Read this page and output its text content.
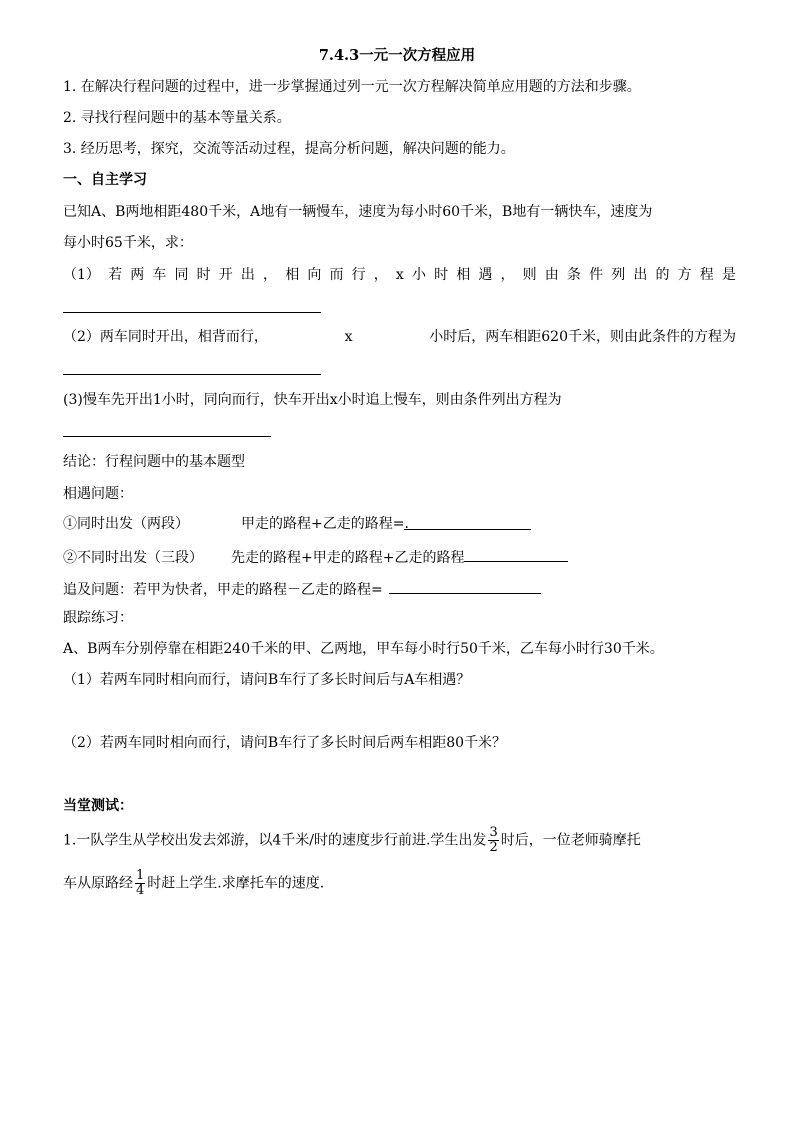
7.4.3一元一次方程应用
1. 在解决行程问题的过程中，进一步掌握通过列一元一次方程解决简单应用题的方法和步骤。
2. 寻找行程问题中的基本等量关系。
3. 经历思考，探究，交流等活动过程，提高分析问题，解决问题的能力。
一、自主学习
已知A、B两地相距480千米，A地有一辆慢车，速度为每小时60千米，B地有一辆快车，速度为
每小时65千米，求：
（1） 若 两 车 同 时 开 出 ， 相 向 而 行 ， x 小 时 相 遇 ， 则 由 条 件 列 出 的 方 程 是
（2）两车同时开出，相背而行，	x	小时后，两车相距620千米，则由此条件的方程为
(3)慢车先开出1小时，同向而行，快车开出x小时追上慢车，则由条件列出方程为
结论：行程问题中的基本题型
相遇问题：
①同时出发（两段）	甲走的路程+乙走的路程=.
②不同时出发（三段） 先走的路程+甲走的路程+乙走的路程
追及问题：若甲为快者，甲走的路程－乙走的路程=
跟踪练习：
A、B两车分别停靠在相距240千米的甲、乙两地，甲车每小时行50千米，乙车每小时行30千米。
（1）若两车同时相向而行，请问B车行了多长时间后与A车相遇？
（2）若两车同时相向而行，请问B车行了多长时间后两车相距80千米？
当堂测试：
1.一队学生从学校出发去郊游，以4千米/时的速度步行前进.学生出发 $\frac{3}{2}$ 时后，一位老师骑摩托
车从原路经 $\frac{1}{4}$ 时赶上学生.求摩托车的速度.
